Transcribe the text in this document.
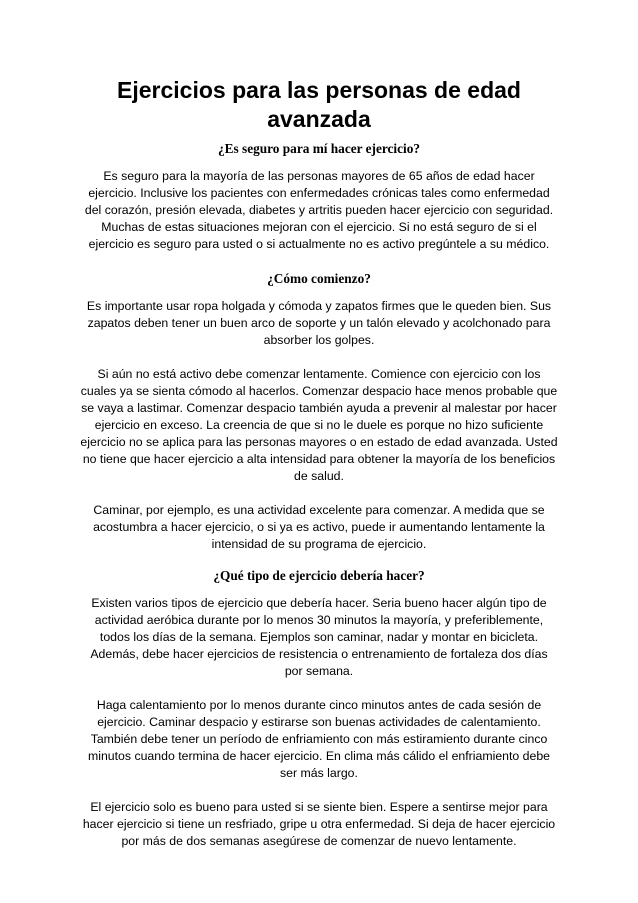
Ejercicios para las personas de edad avanzada
¿Es seguro para mí hacer ejercicio?

Es seguro para la mayoría de las personas mayores de 65 años de edad hacer ejercicio. Inclusive los pacientes con enfermedades crónicas tales como enfermedad del corazón, presión elevada, diabetes y artritis pueden hacer ejercicio con seguridad. Muchas de estas situaciones mejoran con el ejercicio. Si no está seguro de si el ejercicio es seguro para usted o si actualmente no es activo pregúntele a su médico.

¿Cómo comienzo?

Es importante usar ropa holgada y cómoda y zapatos firmes que le queden bien. Sus zapatos deben tener un buen arco de soporte y un talón elevado y acolchonado para absorber los golpes.

Si aún no está activo debe comenzar lentamente. Comience con ejercicio con los cuales ya se sienta cómodo al hacerlos. Comenzar despacio hace menos probable que se vaya a lastimar. Comenzar despacio también ayuda a prevenir al malestar por hacer ejercicio en exceso. La creencia de que si no le duele es porque no hizo suficiente ejercicio no se aplica para las personas mayores o en estado de edad avanzada. Usted no tiene que hacer ejercicio a alta intensidad para obtener la mayoría de los beneficios de salud.

Caminar, por ejemplo, es una actividad excelente para comenzar. A medida que se acostumbra a hacer ejercicio, o si ya es activo, puede ir aumentando lentamente la intensidad de su programa de ejercicio.

¿Qué tipo de ejercicio debería hacer?

Existen varios tipos de ejercicio que debería hacer. Seria bueno hacer algún tipo de actividad aeróbica durante por lo menos 30 minutos la mayoría, y preferiblemente, todos los días de la semana. Ejemplos son caminar, nadar y montar en bicicleta. Además, debe hacer ejercicios de resistencia o entrenamiento de fortaleza dos días por semana.

Haga calentamiento por lo menos durante cinco minutos antes de cada sesión de ejercicio. Caminar despacio y estirarse son buenas actividades de calentamiento. También debe tener un período de enfriamiento con más estiramiento durante cinco minutos cuando termina de hacer ejercicio. En clima más cálido el enfriamiento debe ser más largo.

El ejercicio solo es bueno para usted si se siente bien. Espere a sentirse mejor para hacer ejercicio si tiene un resfriado, gripe u otra enfermedad. Si deja de hacer ejercicio por más de dos semanas asegúrese de comenzar de nuevo lentamente.
